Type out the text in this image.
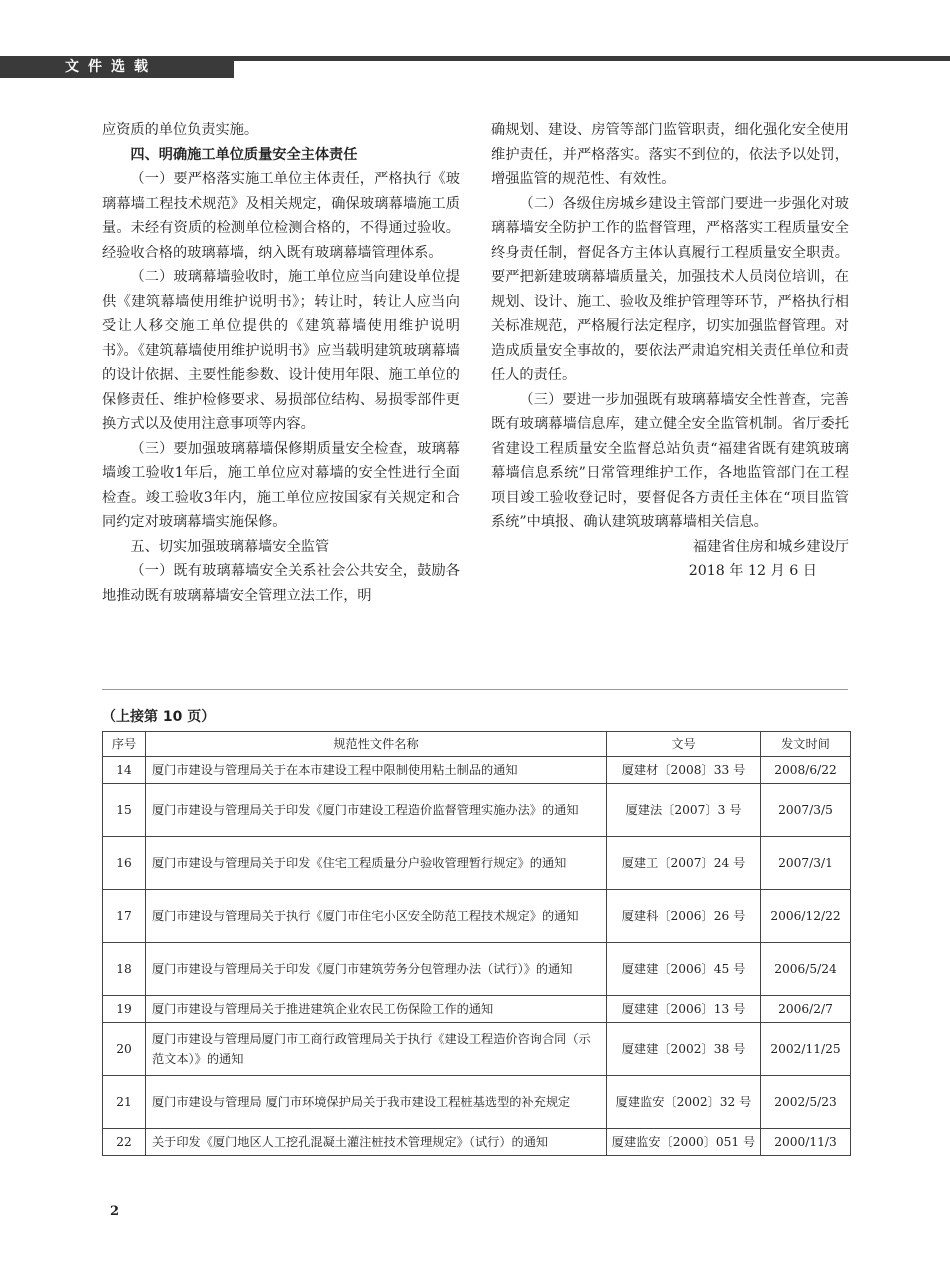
文件选载

应资质的单位负责实施。

四、明确施工单位质量安全主体责任

（一）要严格落实施工单位主体责任，严格执行《玻璃幕墙工程技术规范》及相关规定，确保玻璃幕墙施工质量。未经有资质的检测单位检测合格的，不得通过验收。经验收合格的玻璃幕墙，纳入既有玻璃幕墙管理体系。

（二）玻璃幕墙验收时，施工单位应当向建设单位提供《建筑幕墙使用维护说明书》；转让时，转让人应当向受让人移交施工单位提供的《建筑幕墙使用维护说明书》。《建筑幕墙使用维护说明书》应当载明建筑玻璃幕墙的设计依据、主要性能参数、设计使用年限、施工单位的保修责任、维护检修要求、易损部位结构、易损零部件更换方式以及使用注意事项等内容。

（三）要加强玻璃幕墙保修期质量安全检查，玻璃幕墙竣工验收1年后，施工单位应对幕墙的安全性进行全面检查。竣工验收3年内，施工单位应按国家有关规定和合同约定对玻璃幕墙实施保修。

五、切实加强玻璃幕墙安全监管

（一）既有玻璃幕墙安全关系社会公共安全，鼓励各地推动既有玻璃幕墙安全管理立法工作，明

确规划、建设、房管等部门监管职责，细化强化安全使用维护责任，并严格落实。落实不到位的，依法予以处罚，增强监管的规范性、有效性。

（二）各级住房城乡建设主管部门要进一步强化对玻璃幕墙安全防护工作的监督管理，严格落实工程质量安全终身责任制，督促各方主体认真履行工程质量安全职责。要严把新建玻璃幕墙质量关，加强技术人员岗位培训，在规划、设计、施工、验收及维护管理等环节，严格执行相关标准规范，严格履行法定程序，切实加强监督管理。对造成质量安全事故的，要依法严肃追究相关责任单位和责任人的责任。

（三）要进一步加强既有玻璃幕墙安全性普查，完善既有玻璃幕墙信息库，建立健全安全监管机制。省厅委托省建设工程质量安全监督总站负责“福建省既有建筑玻璃幕墙信息系统”日常管理维护工作，各地监管部门在工程项目竣工验收登记时，要督促各方责任主体在“项目监管系统”中填报、确认建筑玻璃幕墙相关信息。

福建省住房和城乡建设厅

2018 年 12 月 6 日

（上接第 10 页）
序号	规范性文件名称	文号	发文时间
14	厦门市建设与管理局关于在本市建设工程中限制使用粘土制品的通知	厦建材〔2008〕33 号	2008/6/22
15	厦门市建设与管理局关于印发《厦门市建设工程造价监督管理实施办法》的通知	厦建法〔2007〕3 号	2007/3/5
16	厦门市建设与管理局关于印发《住宅工程质量分户验收管理暂行规定》的通知	厦建工〔2007〕24 号	2007/3/1
17	厦门市建设与管理局关于执行《厦门市住宅小区安全防范工程技术规定》的通知	厦建科〔2006〕26 号	2006/12/22
18	厦门市建设与管理局关于印发《厦门市建筑劳务分包管理办法（试行）》的通知	厦建建〔2006〕45 号	2006/5/24
19	厦门市建设与管理局关于推进建筑企业农民工伤保险工作的通知	厦建建〔2006〕13 号	2006/2/7
20	厦门市建设与管理局厦门市工商行政管理局关于执行《建设工程造价咨询合同（示范文本）》的通知	厦建建〔2002〕38 号	2002/11/25
21	厦门市建设与管理局 厦门市环境保护局关于我市建设工程桩基选型的补充规定	厦建监安〔2002〕32 号	2002/5/23
22	关于印发《厦门地区人工挖孔混凝土灌注桩技术管理规定》（试行）的通知	厦建监安〔2000〕051 号	2000/11/3
2
